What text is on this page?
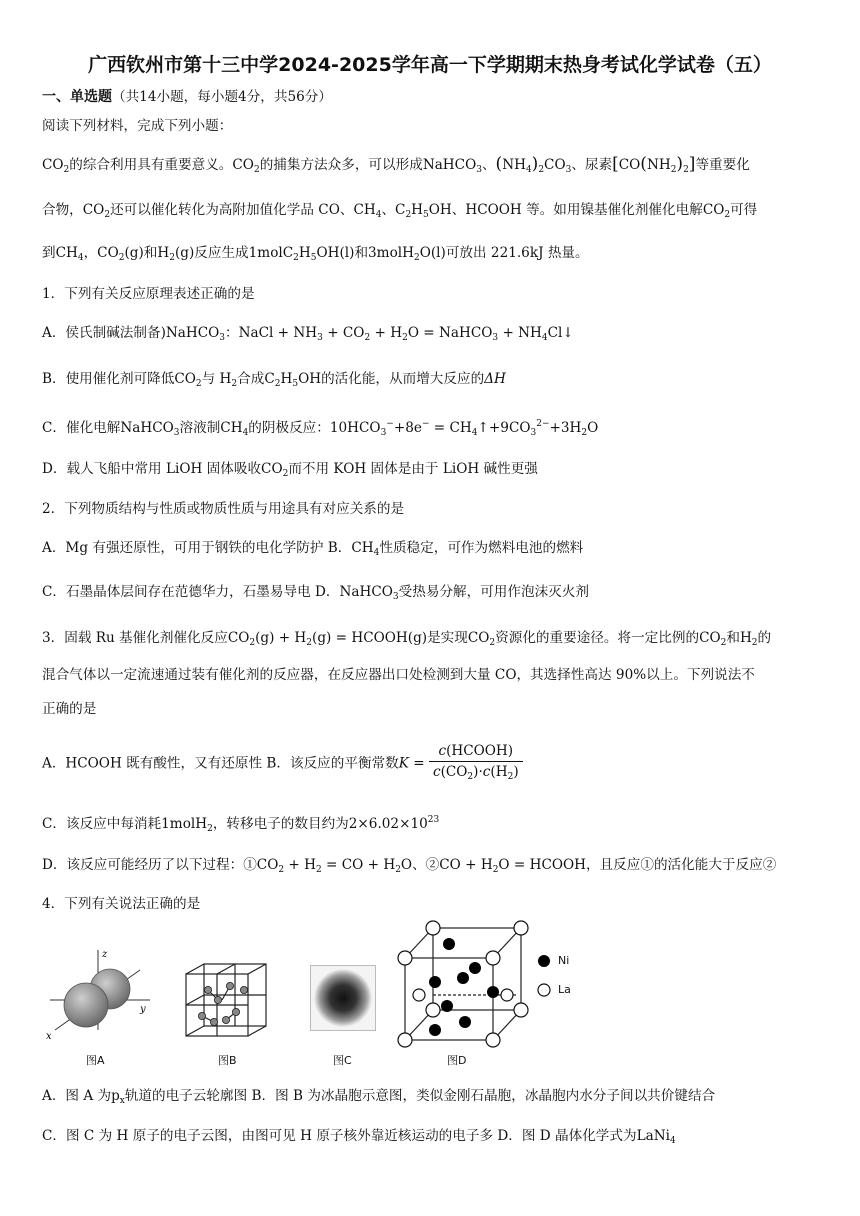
广西钦州市第十三中学2024-2025学年高一下学期期末热身考试化学试卷（五）
一、单选题（共14小题，每小题4分，共56分）
阅读下列材料，完成下列小题：
$CO_2$的综合利用具有重要意义。$CO_2$的捕集方法众多，可以形成NaHCO$_3$、$(NH_4)_2CO_3$、尿素$[CO(NH_2)_2]$等重要化
合物，$CO_2$还可以催化转化为高附加值化学品 CO、$CH_4$、$C_2H_5OH$、HCOOH 等。如用镍基催化剂催化电解$CO_2$可得
到$CH_4$，$CO_2(g)$和$H_2(g)$反应生成$1molC_2H_5OH(l)$和3molH$_2$O(l)可放出 221.6kJ 热量。
1．下列有关反应原理表述正确的是
A．侯氏制碱法制备)NaHCO$_3$：NaCl + $NH_3 + CO_2 + H_2O$ = NaHCO$_3$ + $NH_4Cl↓$
B．使用催化剂可降低$CO_2$与 $H_2$合成$C_2H_5OH$的活化能，从而增大反应的ΔH
C．催化电解NaHCO$_3$溶液制$CH_4$的阴极反应：$10HCO_3^-+8e^-$ = $CH_4↑+9CO_3^{2-}+3H_2O$
D．载人飞船中常用 LiOH 固体吸收$CO_2$而不用 KOH 固体是由于 LiOH 碱性更强
2．下列物质结构与性质或物质性质与用途具有对应关系的是
A．Mg 有强还原性，可用于钢铁的电化学防护 B．$CH_4$性质稳定，可作为燃料电池的燃料
C．石墨晶体层间存在范德华力，石墨易导电 D．NaHCO$_3$受热易分解，可用作泡沫灭火剂
3．固载 Ru 基催化剂催化反应$CO_2(g) + H_2(g)$ = HCOOH(g)是实现$CO_2$资源化的重要途径。将一定比例的$CO_2$和$H_2$的
混合气体以一定流速通过装有催化剂的反应器，在反应器出口处检测到大量 CO，其选择性高达 90%以上。下列说法不
正确的是
A．HCOOH 既有酸性，又有还原性 B．该反应的平衡常数$K = \frac{\text{c(HCOOH)}}{c(CO_2)\cdot c(H_2)}$
C．该反应中每消耗1molH$_2$，转移电子的数目约为$2\times 6.02\times 10^{23}$
D．该反应可能经历了以下过程：$①CO_2 + H_2$ = CO + $H_2O$、②CO + $H_2O$ = HCOOH，且反应①的活化能大于反应②
4．下列有关说法正确的是
z
y
x
图A	图B	图C	图D
Ni
La
A．图 A 为$p_x$轨道的电子云轮廓图 B．图 B 为冰晶胞示意图，类似金刚石晶胞，冰晶胞内水分子间以共价键结合
C．图 C 为 H 原子的电子云图，由图可见 H 原子核外靠近核运动的电子多 D．图 D 晶体化学式为LaNi$_4$
